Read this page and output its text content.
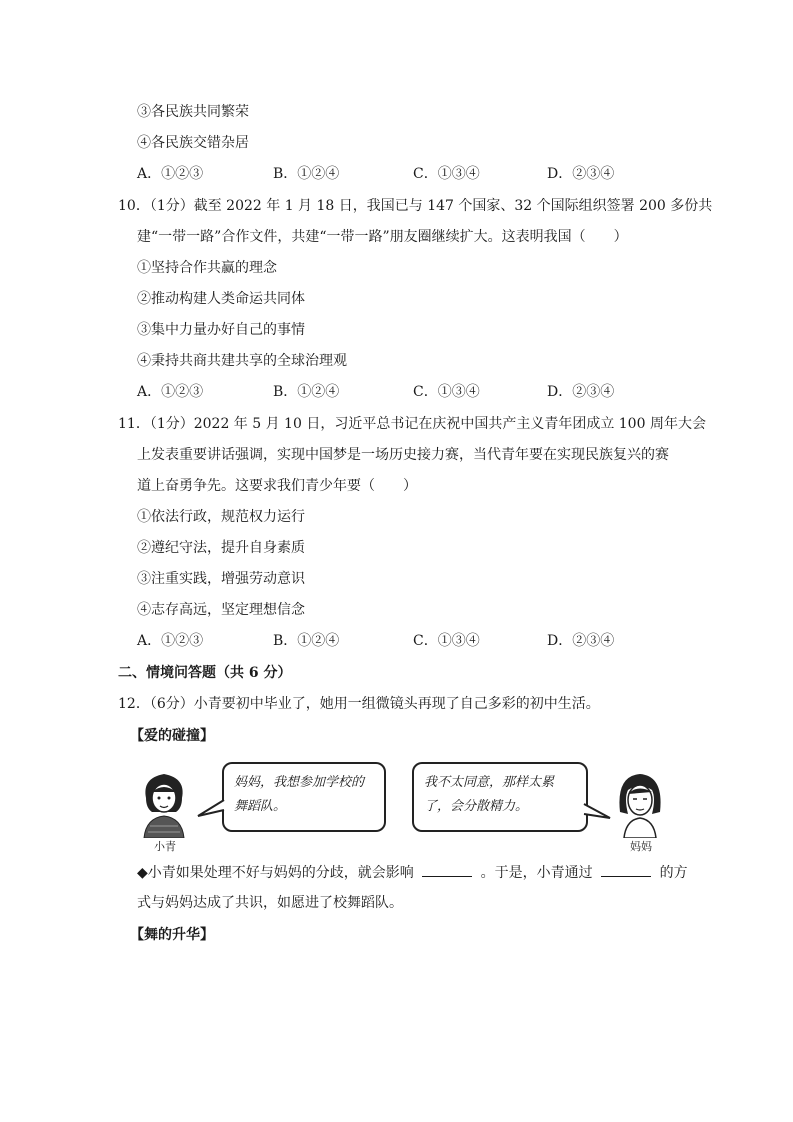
③各民族共同繁荣
④各民族交错杂居
A．①②③	B．①②④	C．①③④	D．②③④
10．（1分）截至 2022 年 1 月 18 日，我国已与 147 个国家、32 个国际组织签署 200 多份共
建“一带一路”合作文件，共建“一带一路”朋友圈继续扩大。这表明我国（　　）
①坚持合作共赢的理念
②推动构建人类命运共同体
③集中力量办好自己的事情
④秉持共商共建共享的全球治理观
A．①②③	B．①②④	C．①③④	D．②③④
11．（1分）2022 年 5 月 10 日，习近平总书记在庆祝中国共产主义青年团成立 100 周年大会
上发表重要讲话强调，实现中国梦是一场历史接力赛，当代青年要在实现民族复兴的赛
道上奋勇争先。这要求我们青少年要（　　）
①依法行政，规范权力运行
②遵纪守法，提升自身素质
③注重实践，增强劳动意识
④志存高远，坚定理想信念
A．①②③	B．①②④	C．①③④	D．②③④
二、情境问答题（共 6 分）
12．（6分）小青要初中毕业了，她用一组微镜头再现了自己多彩的初中生活。
【爱的碰撞】
小青
妈妈，我想参加学校的
舞蹈队。
我不太同意，那样太累
了，会分散精力。
妈妈
◆小青如果处理不好与妈妈的分歧，就会影响	。于是，小青通过	的方
式与妈妈达成了共识，如愿进了校舞蹈队。
【舞的升华】
